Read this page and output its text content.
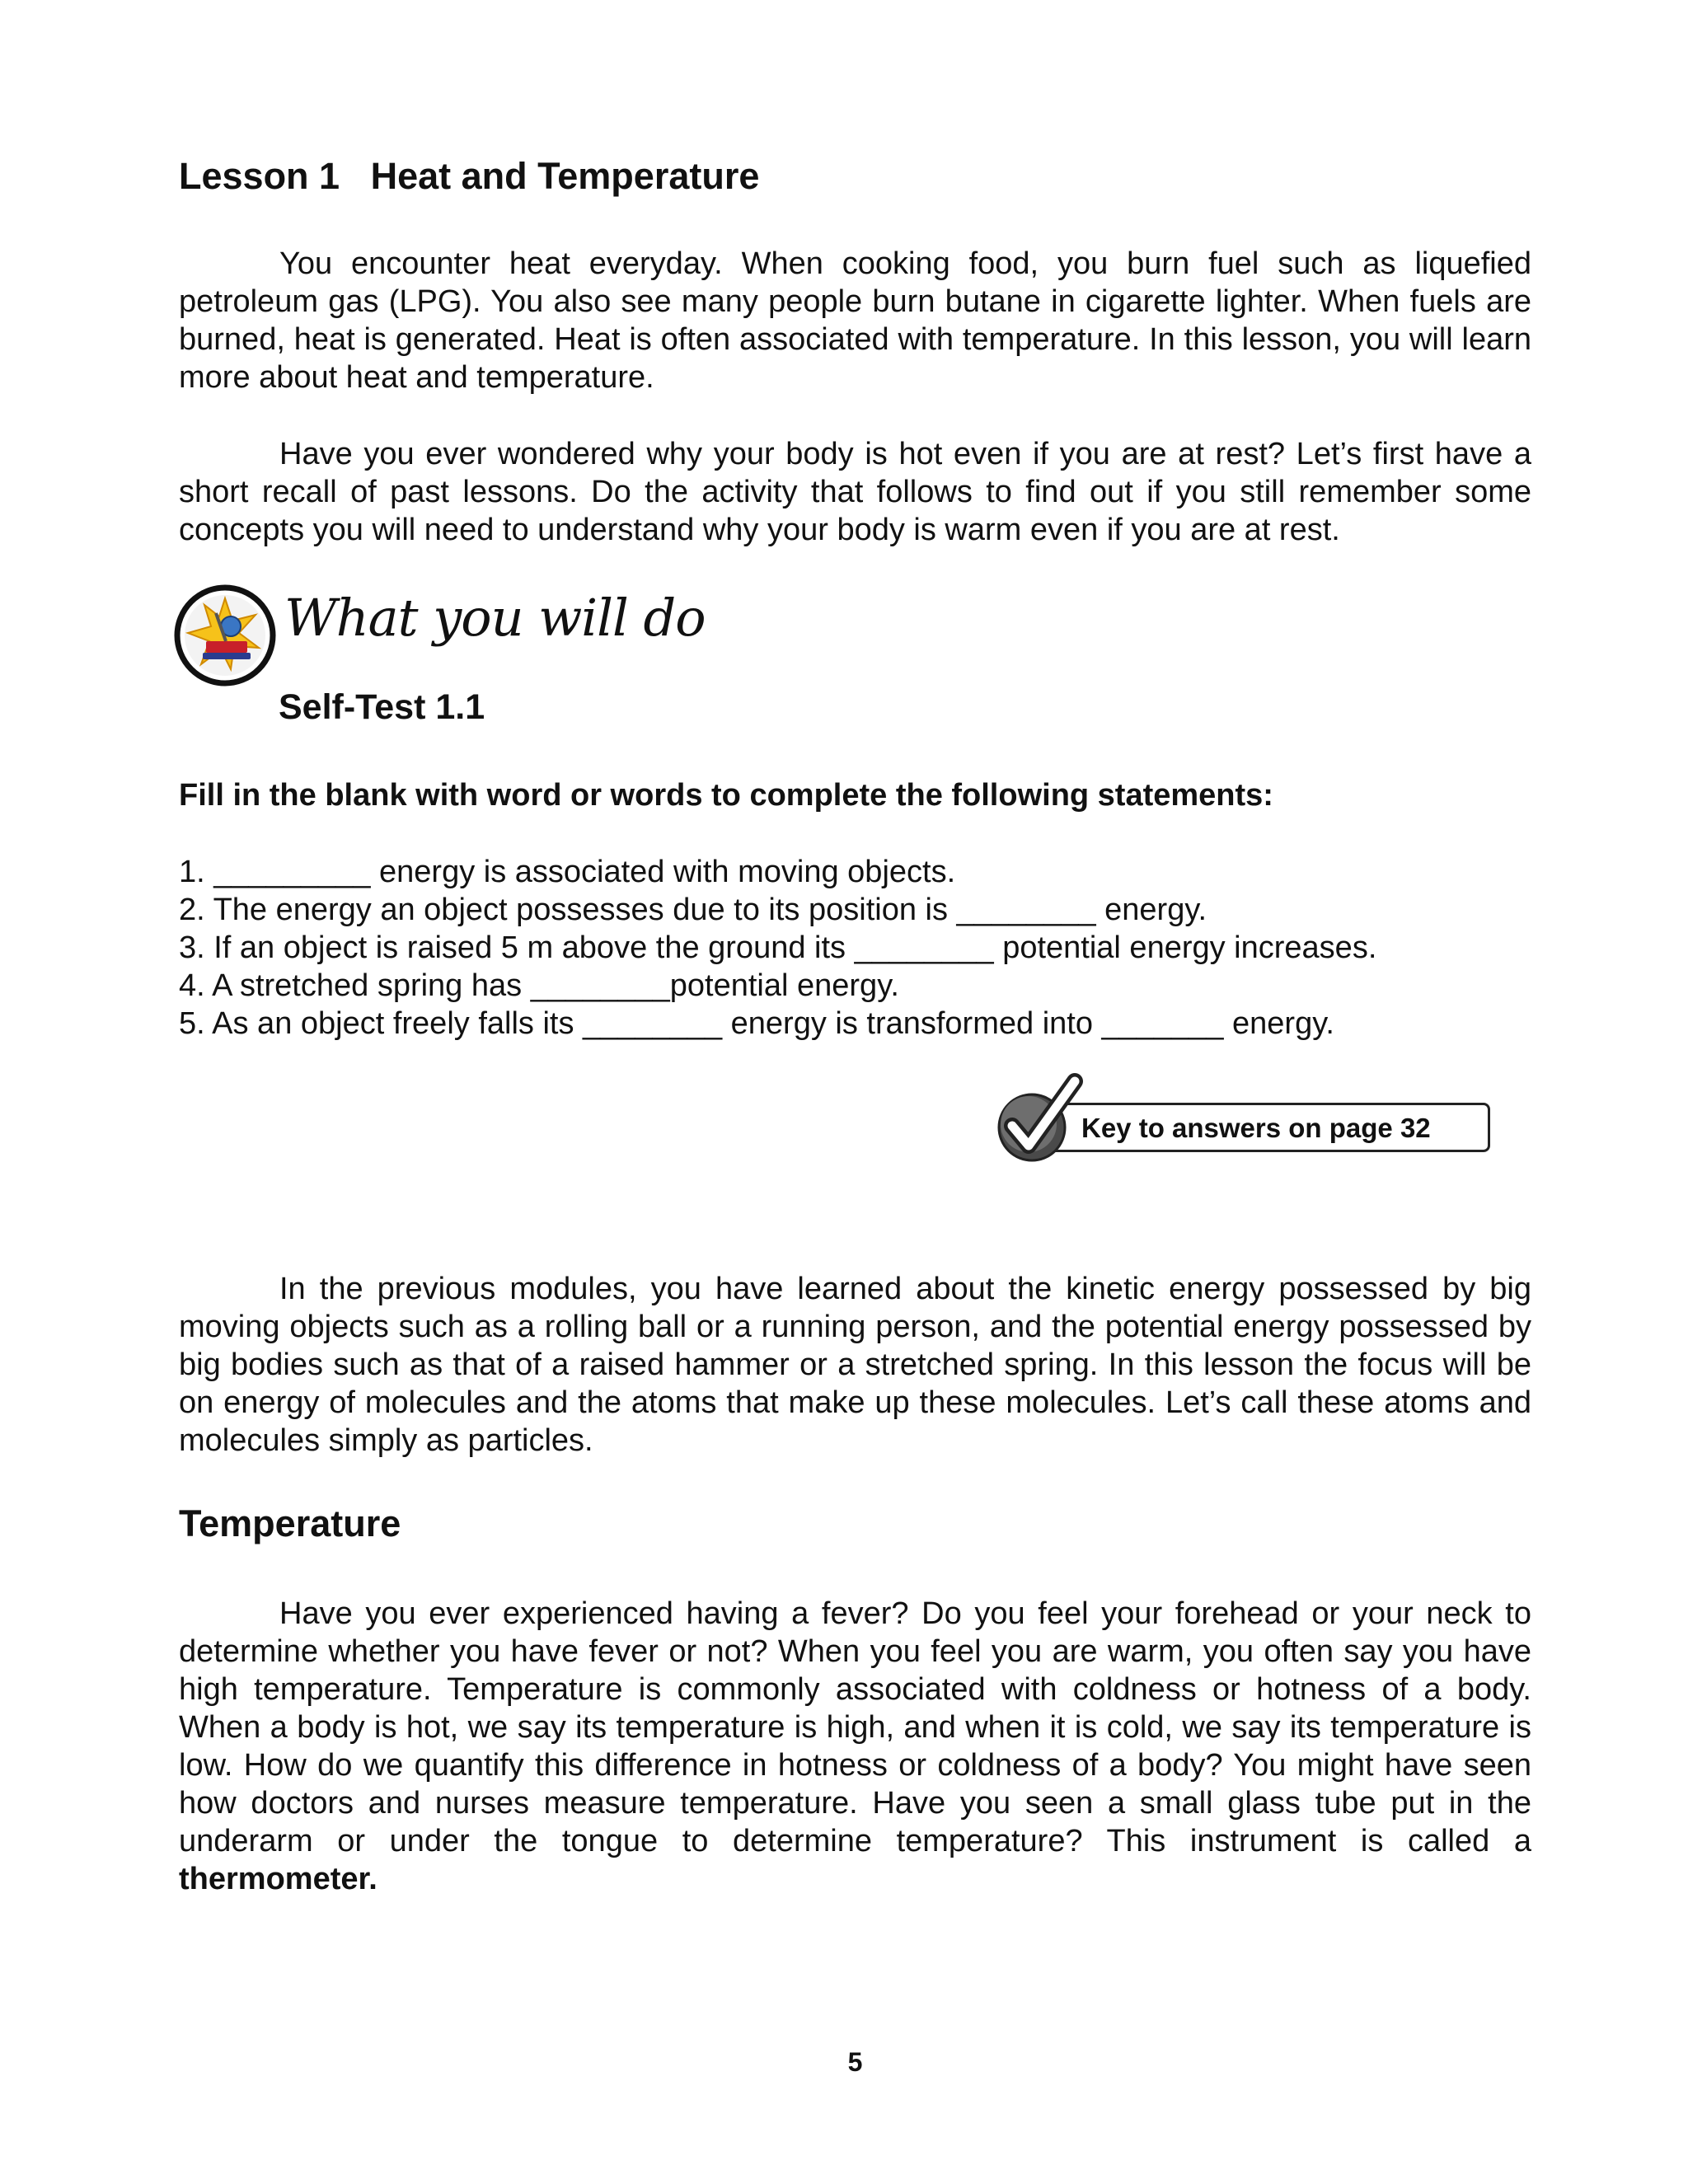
Lesson 1   Heat and Temperature

You encounter heat everyday. When cooking food, you burn fuel such as liquefied petroleum gas (LPG). You also see many people burn butane in cigarette lighter. When fuels are burned, heat is generated. Heat is often associated with temperature. In this lesson, you will learn more about heat and temperature.

Have you ever wondered why your body is hot even if you are at rest? Let’s first have a short recall of past lessons. Do the activity that follows to find out if you still remember some concepts you will need to understand why your body is warm even if you are at rest.

What you will do
Self-Test 1.1

Fill in the blank with word or words to complete the following statements:

1. _________ energy is associated with moving objects.
2. The energy an object possesses due to its position is ________ energy.
3. If an object is raised 5 m above the ground its ________ potential energy increases.
4. A stretched spring has ________potential energy.
5. As an object freely falls its ________ energy is transformed into _______ energy.

Key to answers on page 32

In the previous modules, you have learned about the kinetic energy possessed by big moving objects such as a rolling ball or a running person, and the potential energy possessed by big bodies such as that of a raised hammer or a stretched spring. In this lesson the focus will be on energy of molecules and the atoms that make up these molecules. Let’s call these atoms and molecules simply as particles.

Temperature

Have you ever experienced having a fever? Do you feel your forehead or your neck to determine whether you have fever or not? When you feel you are warm, you often say you have high temperature. Temperature is commonly associated with coldness or hotness of a body. When a body is hot, we say its temperature is high, and when it is cold, we say its temperature is low. How do we quantify this difference in hotness or coldness of a body? You might have seen how doctors and nurses measure temperature. Have you seen a small glass tube put in the underarm or under the tongue to determine temperature? This instrument is called a thermometer.

5
